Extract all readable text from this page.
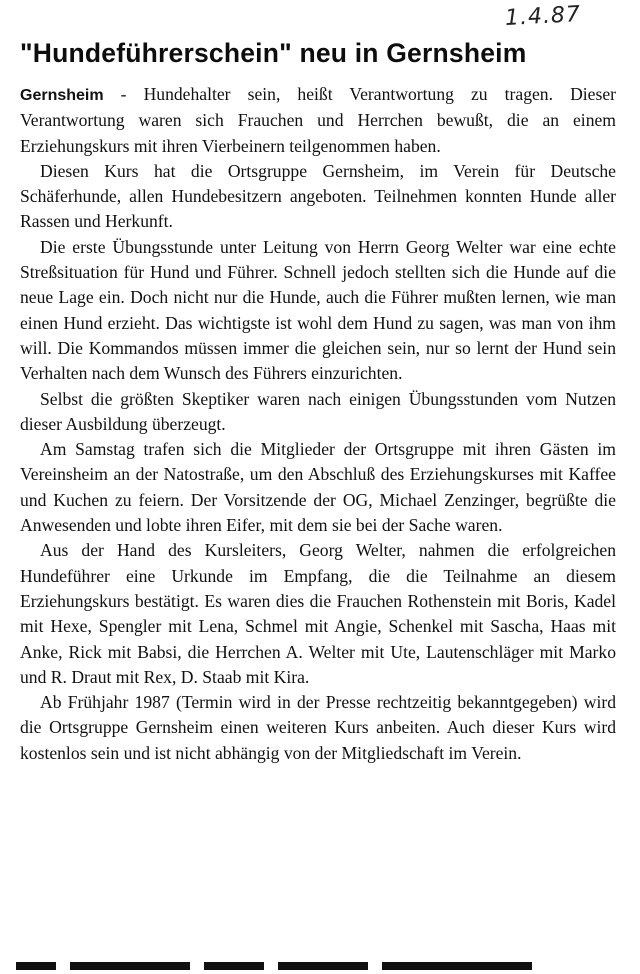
1.4.87
"Hundeführerschein" neu in Gernsheim

Gernsheim - Hundehalter sein, heißt Verantwortung zu tragen. Dieser Verantwortung waren sich Frauchen und Herrchen bewußt, die an einem Erziehungskurs mit ihren Vierbeinern teilgenommen haben.

Diesen Kurs hat die Ortsgruppe Gernsheim, im Verein für Deutsche Schäferhunde, allen Hundebesitzern angeboten. Teilnehmen konnten Hunde aller Rassen und Herkunft.

Die erste Übungsstunde unter Leitung von Herrn Georg Welter war eine echte Streßsituation für Hund und Führer. Schnell jedoch stellten sich die Hunde auf die neue Lage ein. Doch nicht nur die Hunde, auch die Führer mußten lernen, wie man einen Hund erzieht. Das wichtigste ist wohl dem Hund zu sagen, was man von ihm will. Die Kommandos müssen immer die gleichen sein, nur so lernt der Hund sein Verhalten nach dem Wunsch des Führers einzurichten.

Selbst die größten Skeptiker waren nach einigen Übungsstunden vom Nutzen dieser Ausbildung überzeugt.

Am Samstag trafen sich die Mitglieder der Ortsgruppe mit ihren Gästen im Vereinsheim an der Natostraße, um den Abschluß des Erziehungskurses mit Kaffee und Kuchen zu feiern. Der Vorsitzende der OG, Michael Zenzinger, begrüßte die Anwesenden und lobte ihren Eifer, mit dem sie bei der Sache waren.

Aus der Hand des Kursleiters, Georg Welter, nahmen die erfolgreichen Hundeführer eine Urkunde im Empfang, die die Teilnahme an diesem Erziehungskurs bestätigt. Es waren dies die Frauchen Rothenstein mit Boris, Kadel mit Hexe, Spengler mit Lena, Schmel mit Angie, Schenkel mit Sascha, Haas mit Anke, Rick mit Babsi, die Herrchen A. Welter mit Ute, Lautenschläger mit Marko und R. Draut mit Rex, D. Staab mit Kira.

Ab Frühjahr 1987 (Termin wird in der Presse rechtzeitig bekanntgegeben) wird die Ortsgruppe Gernsheim einen weiteren Kurs anbeiten. Auch dieser Kurs wird kostenlos sein und ist nicht abhängig von der Mitgliedschaft im Verein.
